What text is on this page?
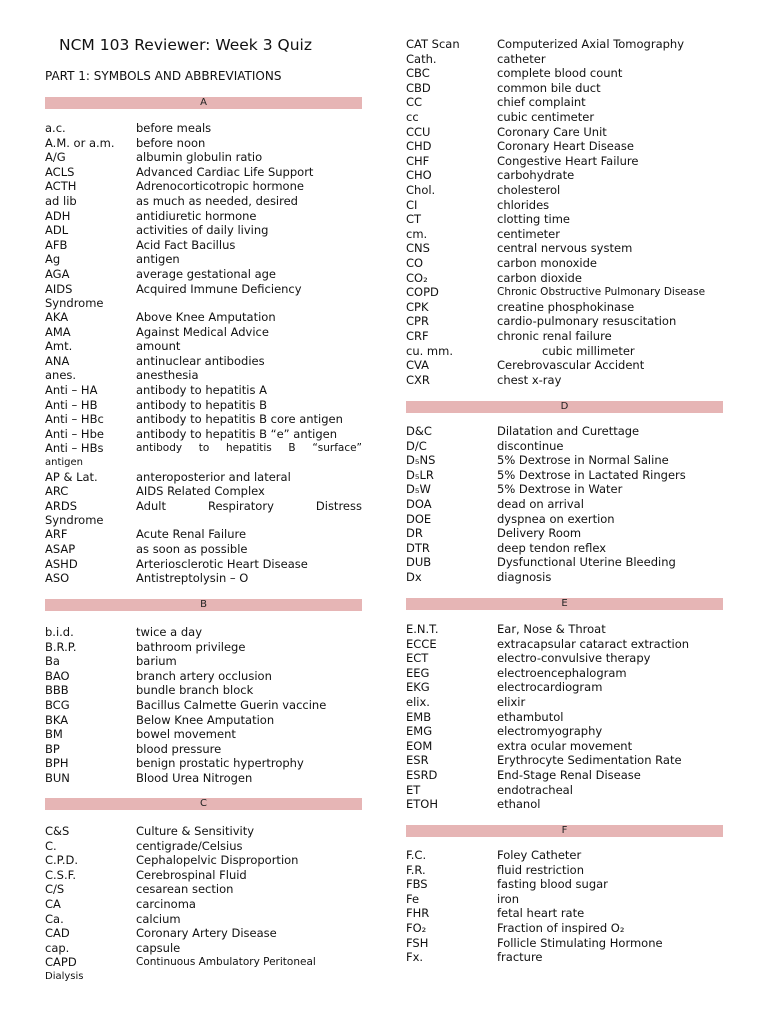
NCM 103 Reviewer: Week 3 Quiz
PART 1: SYMBOLS AND ABBREVIATIONS
A
a.c.	before meals
A.M. or a.m. before noon
A/G	albumin globulin ratio
ACLS	Advanced Cardiac Life Support
ACTH	Adrenocorticotropic hormone
ad lib	as much as needed, desired
ADH	antidiuretic hormone
ADL	activities of daily living
AFB	Acid Fact Bacillus
Ag	antigen
AGA	average gestational age
AIDS	Acquired Immune Deficiency
Syndrome
AKA	Above Knee Amputation
AMA	Against Medical Advice
Amt.	amount
ANA	antinuclear antibodies
anes.	anesthesia
Anti – HA	antibody to hepatitis A
Anti – HB	antibody to hepatitis B
Anti – HBc	antibody to hepatitis B core antigen
Anti – Hbe	antibody to hepatitis B “e” antigen
Anti – HBs	antibody to hepatitis B “surface”
antigen
AP & Lat.	anteroposterior and lateral
ARC	AIDS Related Complex
ARDS	Adult	Respiratory	Distress
Syndrome
ARF	Acute Renal Failure
ASAP	as soon as possible
ASHD	Arteriosclerotic Heart Disease
ASO	Antistreptolysin – O
B
b.i.d.	twice a day
B.R.P.	bathroom privilege
Ba	barium
BAO	branch artery occlusion
BBB	bundle branch block
BCG	Bacillus Calmette Guerin vaccine
BKA	Below Knee Amputation
BM	bowel movement
BP	blood pressure
BPH	benign prostatic hypertrophy
BUN	Blood Urea Nitrogen
C
C&S	Culture & Sensitivity
C.	centigrade/Celsius
C.P.D.	Cephalopelvic Disproportion
C.S.F.	Cerebrospinal Fluid
C/S	cesarean section
CA	carcinoma
Ca.	calcium
CAD	Coronary Artery Disease
cap.	capsule
CAPD	Continuous Ambulatory Peritoneal
Dialysis
CAT Scan	Computerized Axial Tomography
Cath.	catheter
CBC	complete blood count
CBD	common bile duct
CC	chief complaint
cc	cubic centimeter
CCU	Coronary Care Unit
CHD	Coronary Heart Disease
CHF	Congestive Heart Failure
CHO	carbohydrate
Chol.	cholesterol
CI	chlorides
CT	clotting time
cm.	centimeter
CNS	central nervous system
CO	carbon monoxide
CO₂	carbon dioxide
COPD	Chronic Obstructive Pulmonary Disease
CPK	creatine phosphokinase
CPR	cardio-pulmonary resuscitation
CRF	chronic renal failure
cu. mm.	cubic millimeter
CVA	Cerebrovascular Accident
CXR	chest x-ray
D
D&C	Dilatation and Curettage
D/C	discontinue
D₅NS	5% Dextrose in Normal Saline
D₅LR	5% Dextrose in Lactated Ringers
D₅W	5% Dextrose in Water
DOA	dead on arrival
DOE	dyspnea on exertion
DR	Delivery Room
DTR	deep tendon reflex
DUB	Dysfunctional Uterine Bleeding
Dx	diagnosis
E
E.N.T.	Ear, Nose & Throat
ECCE	extracapsular cataract extraction
ECT	electro-convulsive therapy
EEG	electroencephalogram
EKG	electrocardiogram
elix.	elixir
EMB	ethambutol
EMG	electromyography
EOM	extra ocular movement
ESR	Erythrocyte Sedimentation Rate
ESRD	End-Stage Renal Disease
ET	endotracheal
ETOH	ethanol
F
F.C.	Foley Catheter
F.R.	fluid restriction
FBS	fasting blood sugar
Fe	iron
FHR	fetal heart rate
FO₂	Fraction of inspired O₂
FSH	Follicle Stimulating Hormone
Fx.	fracture
